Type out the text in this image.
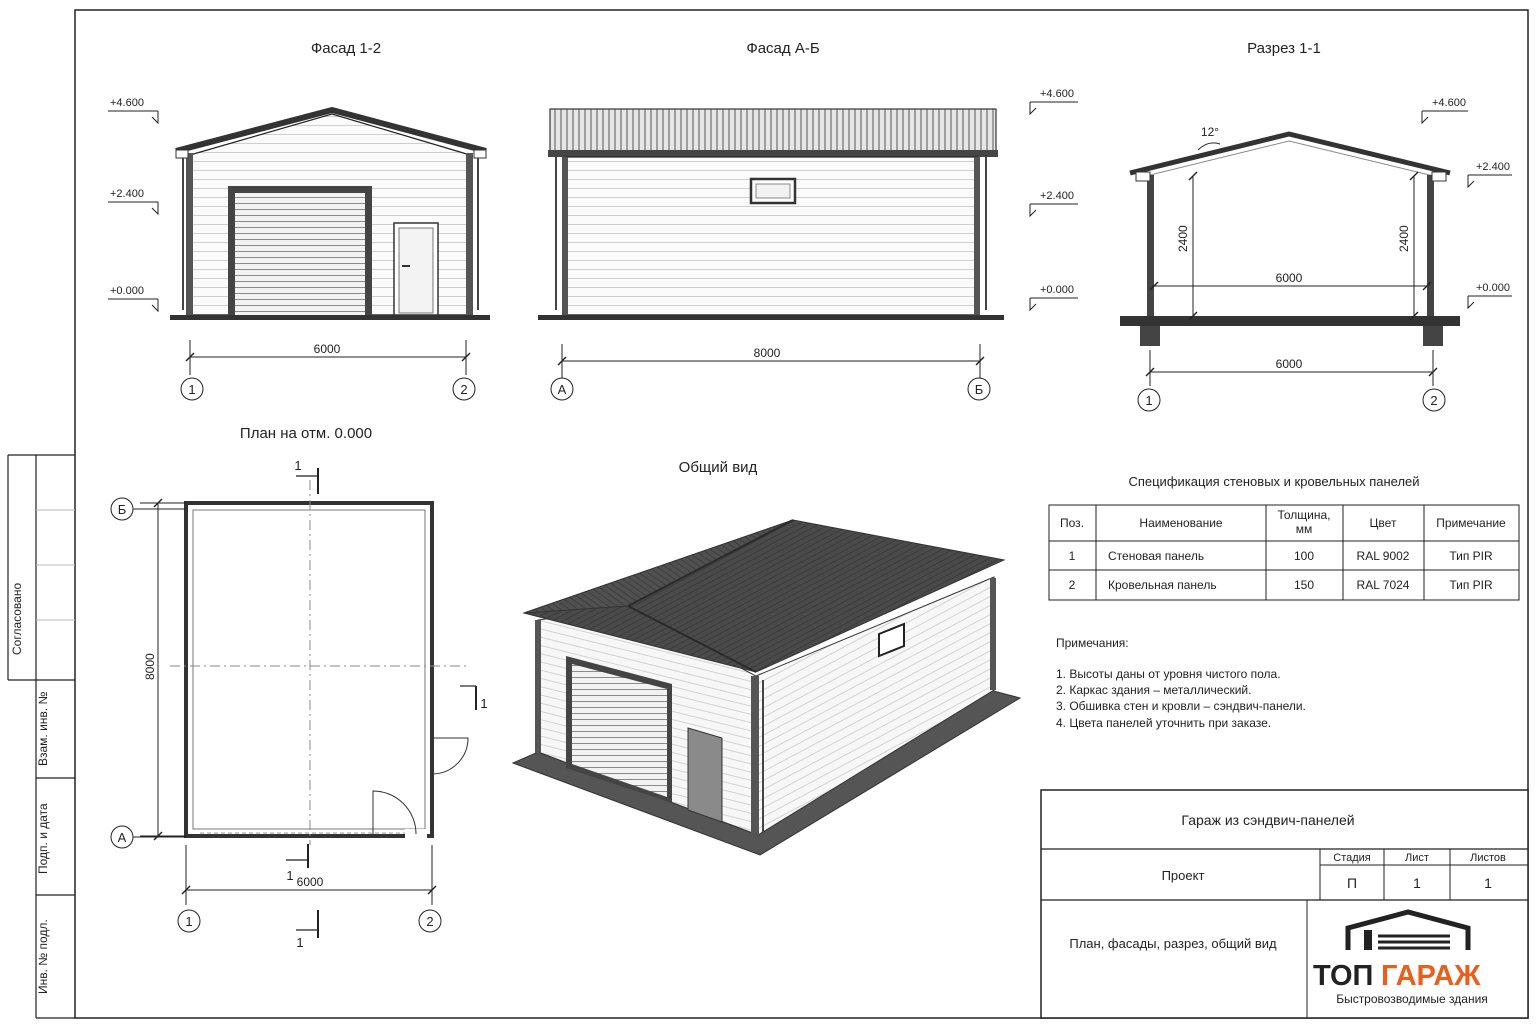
Согласовано
Взам. инв. №
Подп. и дата
Инв. № подл.
Фасад 1-2
+4.600
+2.400
+0.000
6000
1	2
Фасад А-Б
+4.600
+2.400
+0.000
8000
А	Б
Разрез 1-1
12°
2400	2400
6000
6000
+4.600
+2.400
+0.000
1	2
План на отм. 0.000
1
1
1
1
8000
6000
Б
А
1	2
Общий вид
Спецификация стеновых и кровельных панелей
Поз.	Наименование
Толщина,
мм	Цвет	Примечание
1	Стеновая панель	100	RAL 9002	Тип PIR
2	Кровельная панель	150	RAL 7024	Тип PIR
Примечания:
1. Высоты даны от уровня чистого пола.
2. Каркас здания – металлический.
3. Обшивка стен и кровли – сэндвич-панели.
4. Цвета панелей уточнить при заказе.
Гараж из сэндвич-панелей
Проект
Стадия	Лист	Листов
П	1	1
План, фасады, разрез, общий вид
ТОП ГАРАЖ
Быстровозводимые здания
